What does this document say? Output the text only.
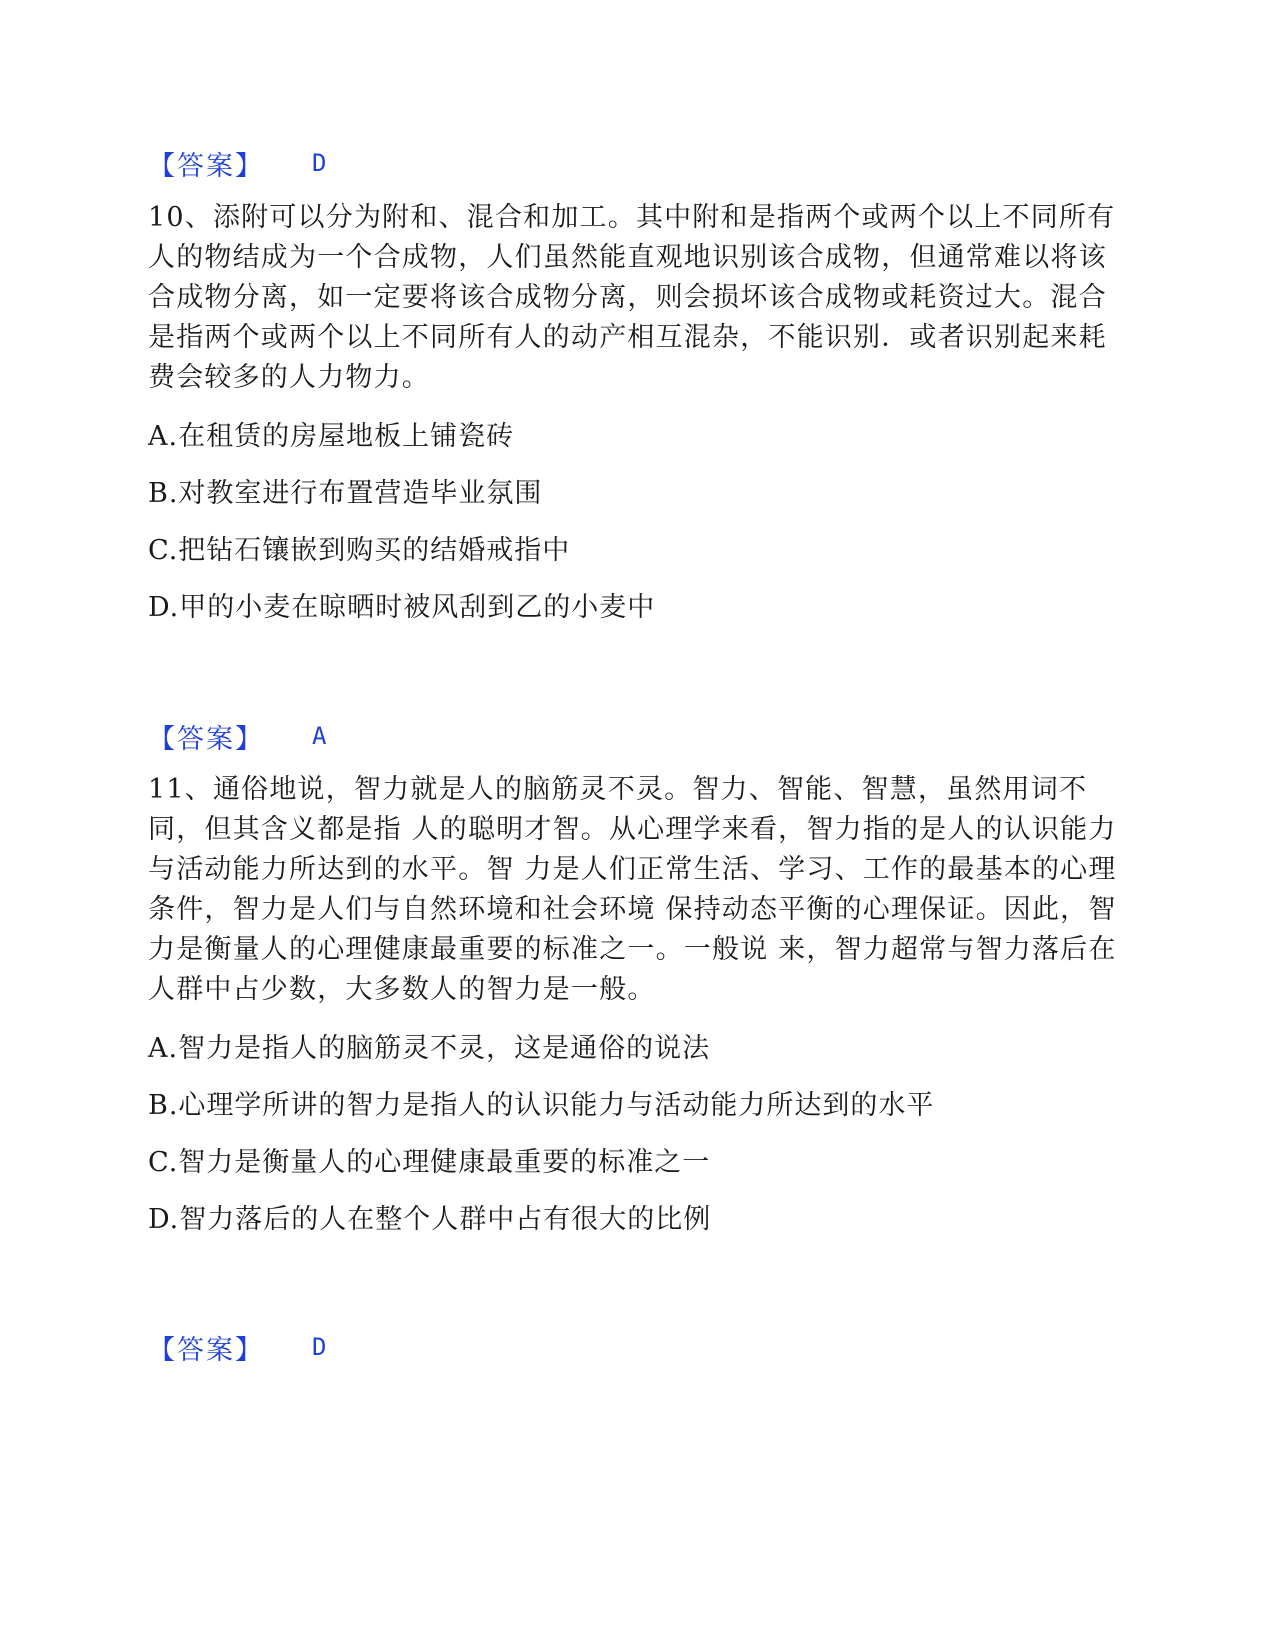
【答案】 D

10、添附可以分为附和、混合和加工。其中附和是指两个或两个以上不同所有人的物结成为一个合成物，人们虽然能直观地识别该合成物，但通常难以将该合成物分离，如一定要将该合成物分离，则会损坏该合成物或耗资过大。混合是指两个或两个以上不同所有人的动产相互混杂，不能识别．或者识别起来耗费会较多的人力物力。

A.在租赁的房屋地板上铺瓷砖
B.对教室进行布置营造毕业氛围
C.把钻石镶嵌到购买的结婚戒指中
D.甲的小麦在晾晒时被风刮到乙的小麦中
【答案】 A

11、通俗地说，智力就是人的脑筋灵不灵。智力、智能、智慧，虽然用词不同，但其含义都是指 人的聪明才智。从心理学来看，智力指的是人的认识能力与活动能力所达到的水平。智 力是人们正常生活、学习、工作的最基本的心理条件，智力是人们与自然环境和社会环境 保持动态平衡的心理保证。因此，智力是衡量人的心理健康最重要的标准之一。一般说 来，智力超常与智力落后在人群中占少数，大多数人的智力是一般。

A.智力是指人的脑筋灵不灵，这是通俗的说法
B.心理学所讲的智力是指人的认识能力与活动能力所达到的水平
C.智力是衡量人的心理健康最重要的标准之一
D.智力落后的人在整个人群中占有很大的比例
【答案】 D
